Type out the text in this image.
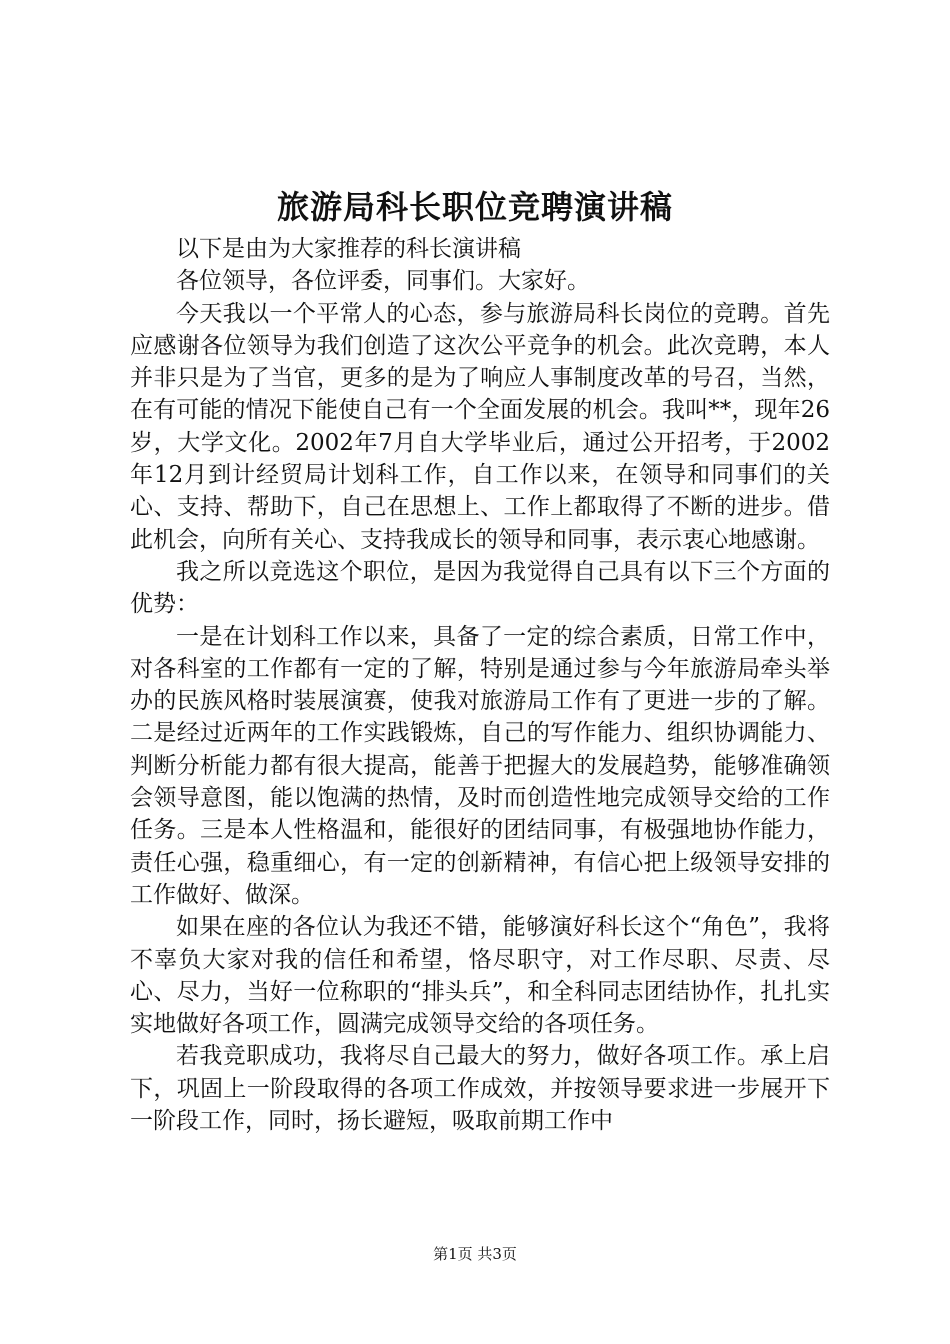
旅游局科长职位竞聘演讲稿

以下是由为大家推荐的科长演讲稿

各位领导，各位评委，同事们。大家好。

今天我以一个平常人的心态，参与旅游局科长岗位的竞聘。首先应感谢各位领导为我们创造了这次公平竞争的机会。此次竞聘，本人并非只是为了当官，更多的是为了响应人事制度改革的号召，当然，在有可能的情况下能使自己有一个全面发展的机会。我叫**，现年26岁，大学文化。2002年7月自大学毕业后，通过公开招考，于2002年12月到计经贸局计划科工作，自工作以来，在领导和同事们的关心、支持、帮助下，自己在思想上、工作上都取得了不断的进步。借此机会，向所有关心、支持我成长的领导和同事，表示衷心地感谢。

我之所以竞选这个职位，是因为我觉得自己具有以下三个方面的优势：

一是在计划科工作以来，具备了一定的综合素质，日常工作中，对各科室的工作都有一定的了解，特别是通过参与今年旅游局牵头举办的民族风格时装展演赛，使我对旅游局工作有了更进一步的了解。二是经过近两年的工作实践锻炼，自己的写作能力、组织协调能力、判断分析能力都有很大提高，能善于把握大的发展趋势，能够准确领会领导意图，能以饱满的热情，及时而创造性地完成领导交给的工作任务。三是本人性格温和，能很好的团结同事，有极强地协作能力，责任心强，稳重细心，有一定的创新精神，有信心把上级领导安排的工作做好、做深。

如果在座的各位认为我还不错，能够演好科长这个“角色”，我将不辜负大家对我的信任和希望，恪尽职守，对工作尽职、尽责、尽心、尽力，当好一位称职的“排头兵”，和全科同志团结协作，扎扎实实地做好各项工作，圆满完成领导交给的各项任务。

若我竞职成功，我将尽自己最大的努力，做好各项工作。承上启下，巩固上一阶段取得的各项工作成效，并按领导要求进一步展开下一阶段工作，同时，扬长避短，吸取前期工作中

第1页 共3页
